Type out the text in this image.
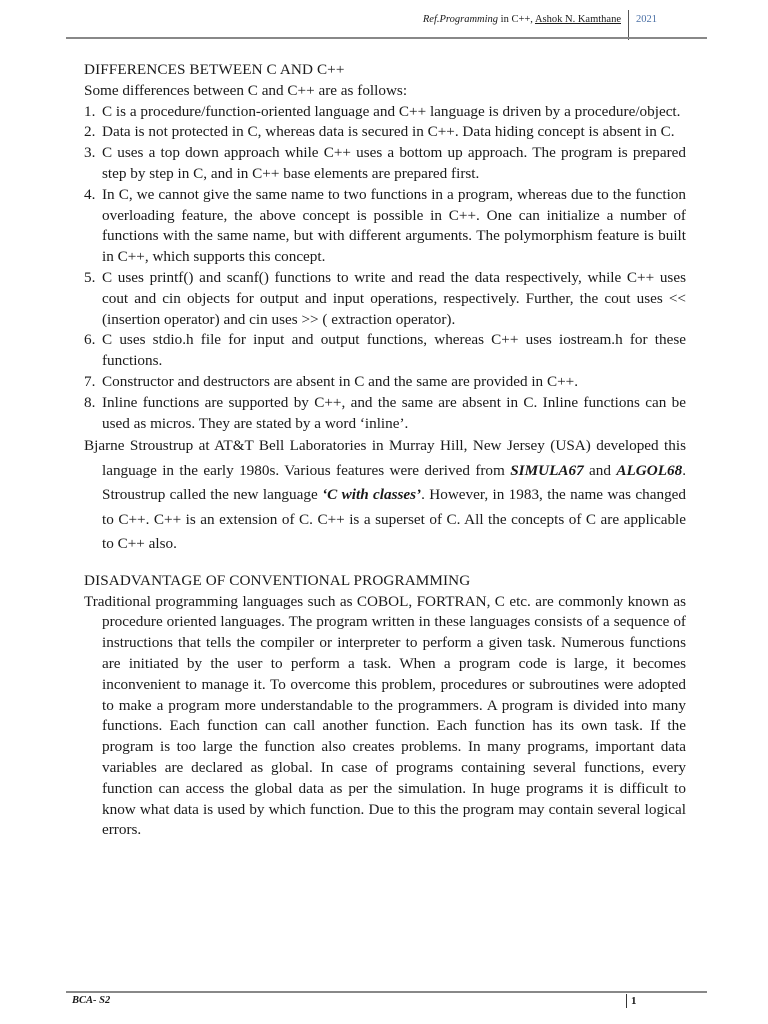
Ref.Programming in C++, Ashok N. Kamthane 2021
DIFFERENCES BETWEEN C AND C++

Some differences between C and C++ are as follows:

1. C is a procedure/function-oriented language and C++ language is driven by a procedure/object.
2. Data is not protected in C, whereas data is secured in C++. Data hiding concept is absent in C.
3. C uses a top down approach while C++ uses a bottom up approach. The program is prepared step by step in C, and in C++ base elements are prepared first.
4. In C, we cannot give the same name to two functions in a program, whereas due to the function overloading feature, the above concept is possible in C++. One can initialize a number of functions with the same name, but with different arguments. The polymorphism feature is built in C++, which supports this concept.
5. C uses printf() and scanf() functions to write and read the data respectively, while C++ uses cout and cin objects for output and input operations, respectively. Further, the cout uses << (insertion operator) and cin uses >> ( extraction operator).
6. C uses stdio.h file for input and output functions, whereas C++ uses iostream.h for these functions.
7. Constructor and destructors are absent in C and the same are provided in C++.
8. Inline functions are supported by C++, and the same are absent in C. Inline functions can be used as micros. They are stated by a word ‘inline’.

Bjarne Stroustrup at AT&T Bell Laboratories in Murray Hill, New Jersey (USA) developed this language in the early 1980s. Various features were derived from SIMULA67 and ALGOL68. Stroustrup called the new language ‘C with classes’. However, in 1983, the name was changed to C++. C++ is an extension of C. C++ is a superset of C. All the concepts of C are applicable to C++ also.

DISADVANTAGE OF CONVENTIONAL PROGRAMMING

Traditional programming languages such as COBOL, FORTRAN, C etc. are commonly known as procedure oriented languages. The program written in these languages consists of a sequence of instructions that tells the compiler or interpreter to perform a given task. Numerous functions are initiated by the user to perform a task. When a program code is large, it becomes inconvenient to manage it. To overcome this problem, procedures or subroutines were adopted to make a program more understandable to the programmers. A program is divided into many functions. Each function can call another function. Each function has its own task. If the program is too large the function also creates problems. In many programs, important data variables are declared as global. In case of programs containing several functions, every function can access the global data as per the simulation. In huge programs it is difficult to know what data is used by which function. Due to this the program may contain several logical errors.

BCA- S2	1
